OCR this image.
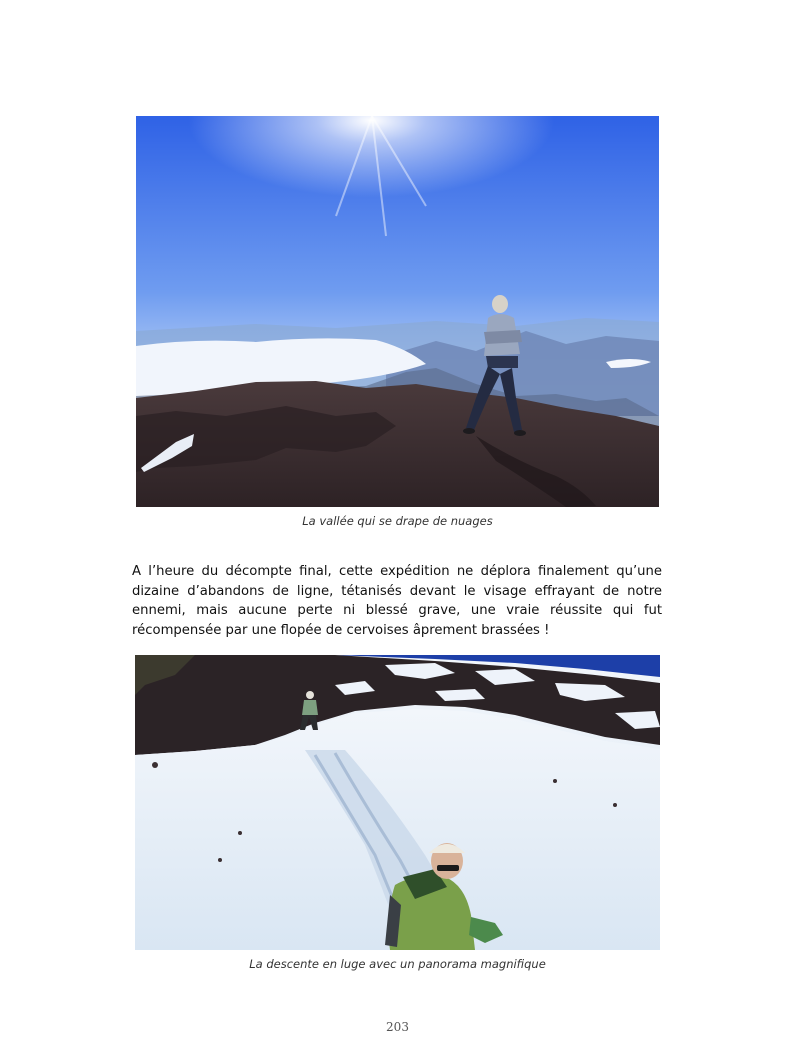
La vallée qui se drape de nuages

A l’heure du décompte final, cette expédition ne déplora finalement qu’une dizaine d’abandons de ligne, tétanisés devant le visage effrayant de notre ennemi, mais aucune perte ni blessé grave, une vraie réussite qui fut récompensée par une flopée de cervoises âprement brassées !

La descente en luge avec un panorama magnifique
203
